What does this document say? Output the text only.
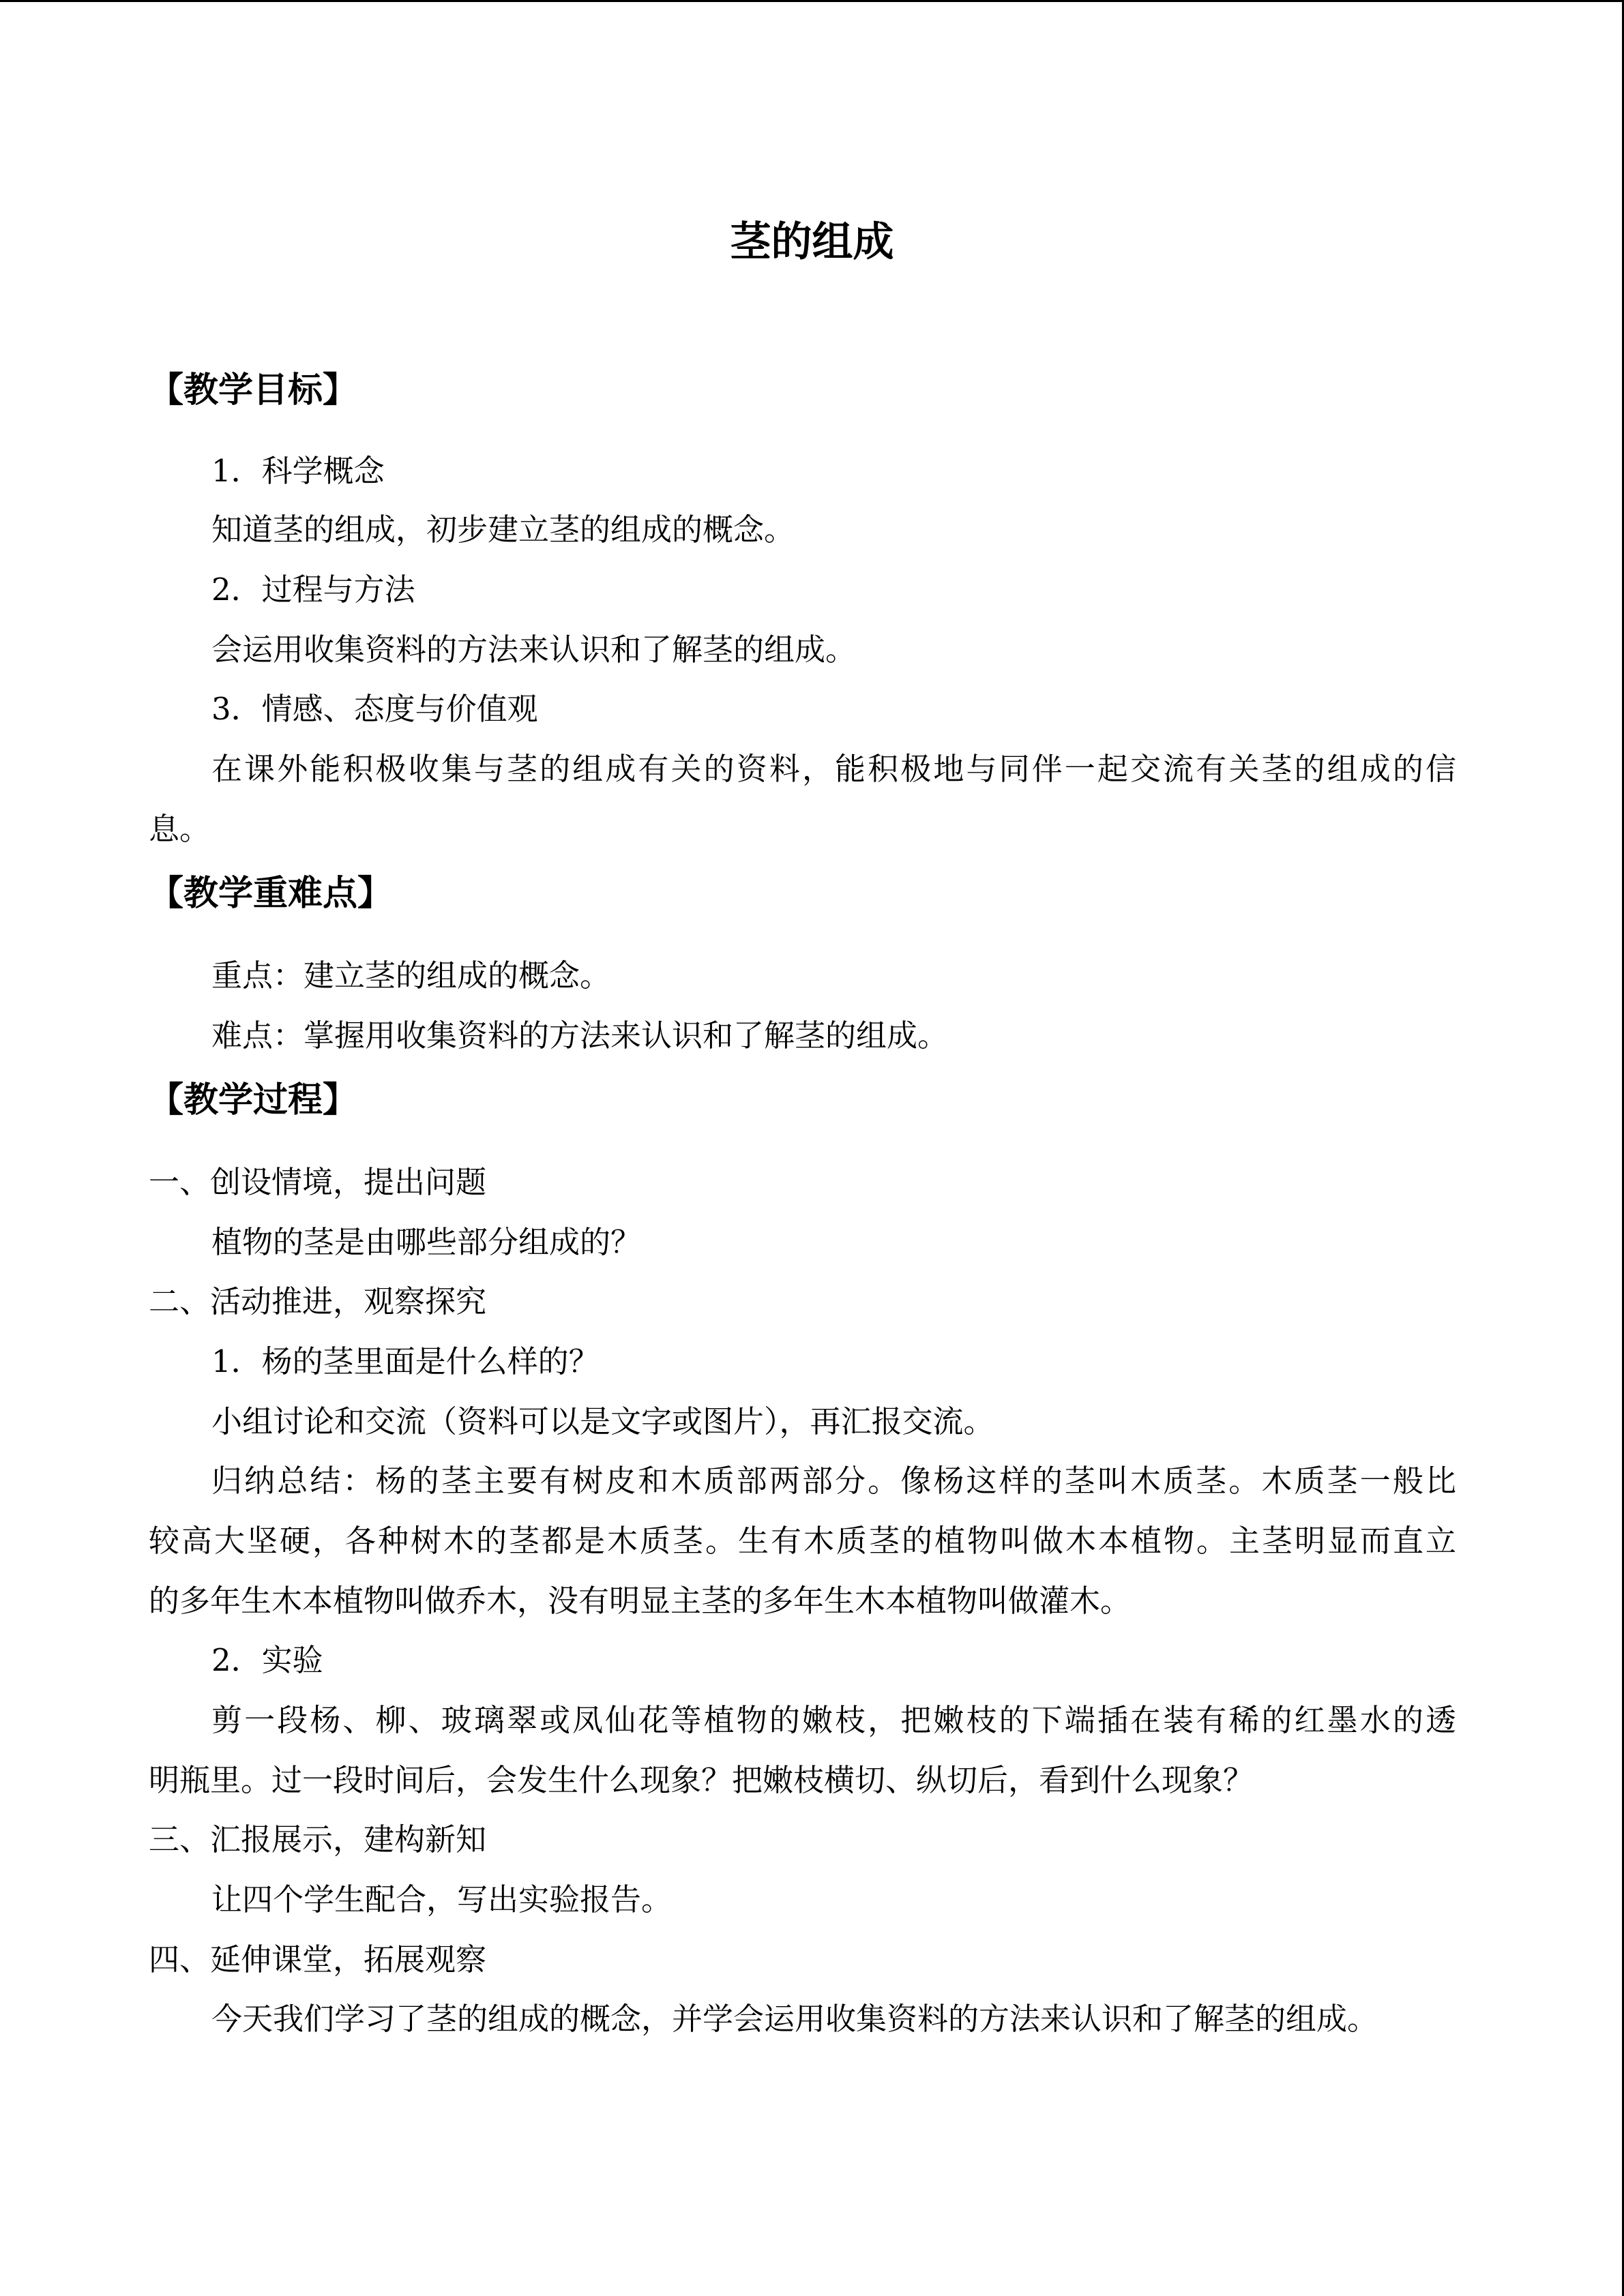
茎的组成
【教学目标】
1．科学概念
知道茎的组成，初步建立茎的组成的概念。
2．过程与方法
会运用收集资料的方法来认识和了解茎的组成。
3．情感、态度与价值观
在课外能积极收集与茎的组成有关的资料，能积极地与同伴一起交流有关茎的组成的信
息。
【教学重难点】
重点：建立茎的组成的概念。
难点：掌握用收集资料的方法来认识和了解茎的组成。
【教学过程】
一、创设情境，提出问题
植物的茎是由哪些部分组成的？
二、活动推进，观察探究
1．杨的茎里面是什么样的？
小组讨论和交流（资料可以是文字或图片），再汇报交流。
归纳总结：杨的茎主要有树皮和木质部两部分。像杨这样的茎叫木质茎。木质茎一般比
较高大坚硬，各种树木的茎都是木质茎。生有木质茎的植物叫做木本植物。主茎明显而直立
的多年生木本植物叫做乔木，没有明显主茎的多年生木本植物叫做灌木。
2．实验
剪一段杨、柳、玻璃翠或凤仙花等植物的嫩枝，把嫩枝的下端插在装有稀的红墨水的透
明瓶里。过一段时间后，会发生什么现象？把嫩枝横切、纵切后，看到什么现象？
三、汇报展示，建构新知
让四个学生配合，写出实验报告。
四、延伸课堂，拓展观察
今天我们学习了茎的组成的概念，并学会运用收集资料的方法来认识和了解茎的组成。
